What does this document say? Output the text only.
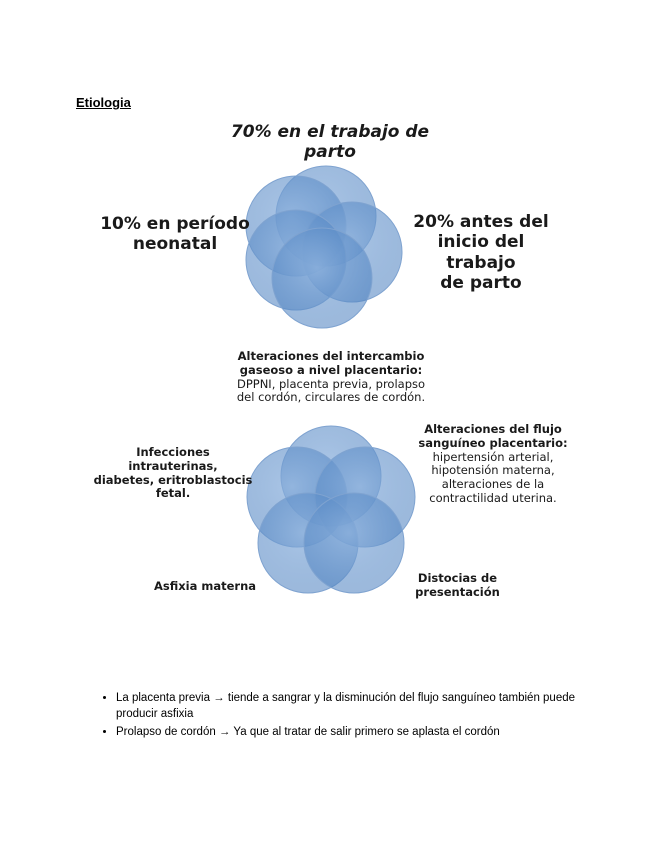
Etiologia
70% en el trabajo de
parto
10% en período
neonatal
20% antes del
inicio del trabajo
de parto
Alteraciones del intercambio
gaseoso a nivel placentario:
DPPNI, placenta previa, prolapso
del cordón, circulares de cordón.
Infecciones intrauterinas,
diabetes, eritroblastocis
fetal.
Alteraciones del flujo
sanguíneo placentario:
hipertensión arterial,
hipotensión materna,
alteraciones de la
contractilidad uterina.
Asfixia materna
Distocias de
presentación
• La placenta previa → tiende a sangrar y la disminución del flujo sanguíneo también puede producir asfixia
• Prolapso de cordón → Ya que al tratar de salir primero se aplasta el cordón
